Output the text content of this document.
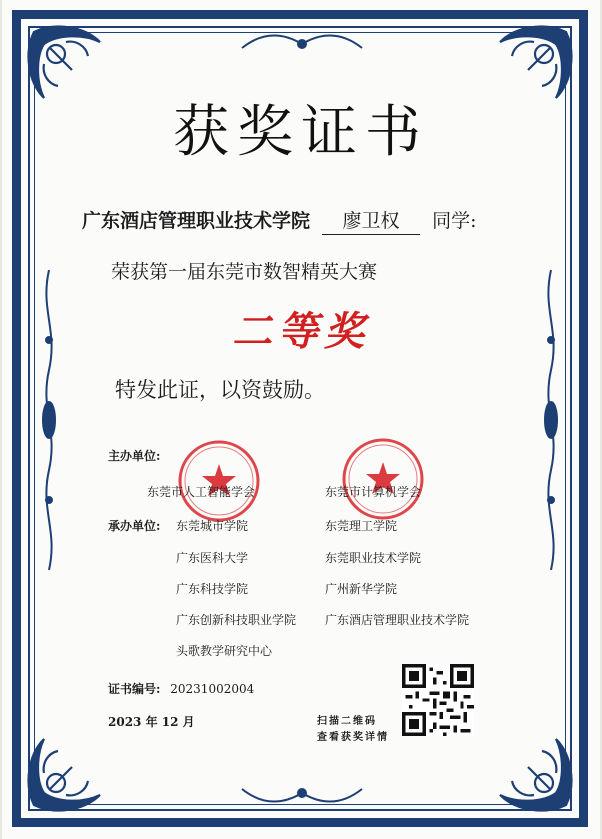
获奖证书
广东酒店管理职业技术学院 廖卫权 同学:
荣获第一届东莞市数智精英大赛
二等奖
特发此证，以资鼓励。
主办单位:
东莞市人工智能学会	东莞市计算机学会
承办单位: 东莞城市学院	东莞理工学院
广东医科大学	东莞职业技术学院
广东科技学院	广州新华学院
广东创新科技职业学院 广东酒店管理职业技术学院
头歌教学研究中心
证书编号: 20231002004
2023 年 12 月	扫描二维码
查看获奖详情
